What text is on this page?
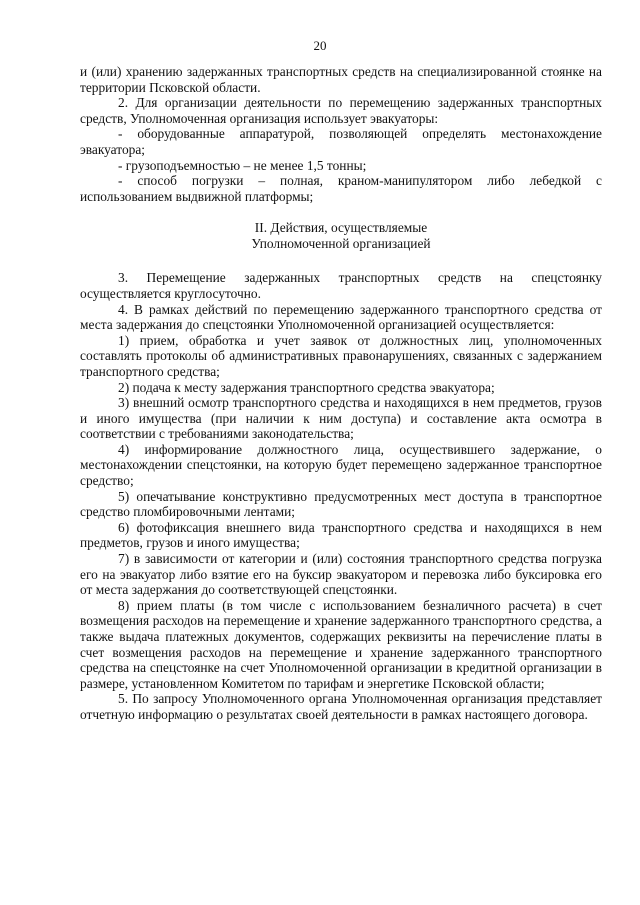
20

и (или) хранению задержанных транспортных средств на специализированной стоянке на территории Псковской области.

2. Для организации деятельности по перемещению задержанных транспортных средств, Уполномоченная организация использует эвакуаторы:

- оборудованные аппаратурой, позволяющей определять местонахождение эвакуатора;

- грузоподъемностью – не менее 1,5 тонны;

- способ погрузки – полная, краном-манипулятором либо лебедкой с использованием выдвижной платформы;

II. Действия, осуществляемые
Уполномоченной организацией

3. Перемещение задержанных транспортных средств на спецстоянку осуществляется круглосуточно.

4. В рамках действий по перемещению задержанного транспортного средства от места задержания до спецстоянки Уполномоченной организацией осуществляется:

1) прием, обработка и учет заявок от должностных лиц, уполномоченных составлять протоколы об административных правонарушениях, связанных с задержанием транспортного средства;

2) подача к месту задержания транспортного средства эвакуатора;

3) внешний осмотр транспортного средства и находящихся в нем предметов, грузов и иного имущества (при наличии к ним доступа) и составление акта осмотра в соответствии с требованиями законодательства;

4) информирование должностного лица, осуществившего задержание, о местонахождении спецстоянки, на которую будет перемещено задержанное транспортное средство;

5) опечатывание конструктивно предусмотренных мест доступа в транспортное средство пломбировочными лентами;

6) фотофиксация внешнего вида транспортного средства и находящихся в нем предметов, грузов и иного имущества;

7) в зависимости от категории и (или) состояния транспортного средства погрузка его на эвакуатор либо взятие его на буксир эвакуатором и перевозка либо буксировка его от места задержания до соответствующей спецстоянки.

8) прием платы (в том числе с использованием безналичного расчета) в счет возмещения расходов на перемещение и хранение задержанного транспортного средства, а также выдача платежных документов, содержащих реквизиты на перечисление платы в счет возмещения расходов на перемещение и хранение задержанного транспортного средства на спецстоянке на счет Уполномоченной организации в кредитной организации в размере, установленном Комитетом по тарифам и энергетике Псковской области;

5. По запросу Уполномоченного органа Уполномоченная организация представляет отчетную информацию о результатах своей деятельности в рамках настоящего договора.
